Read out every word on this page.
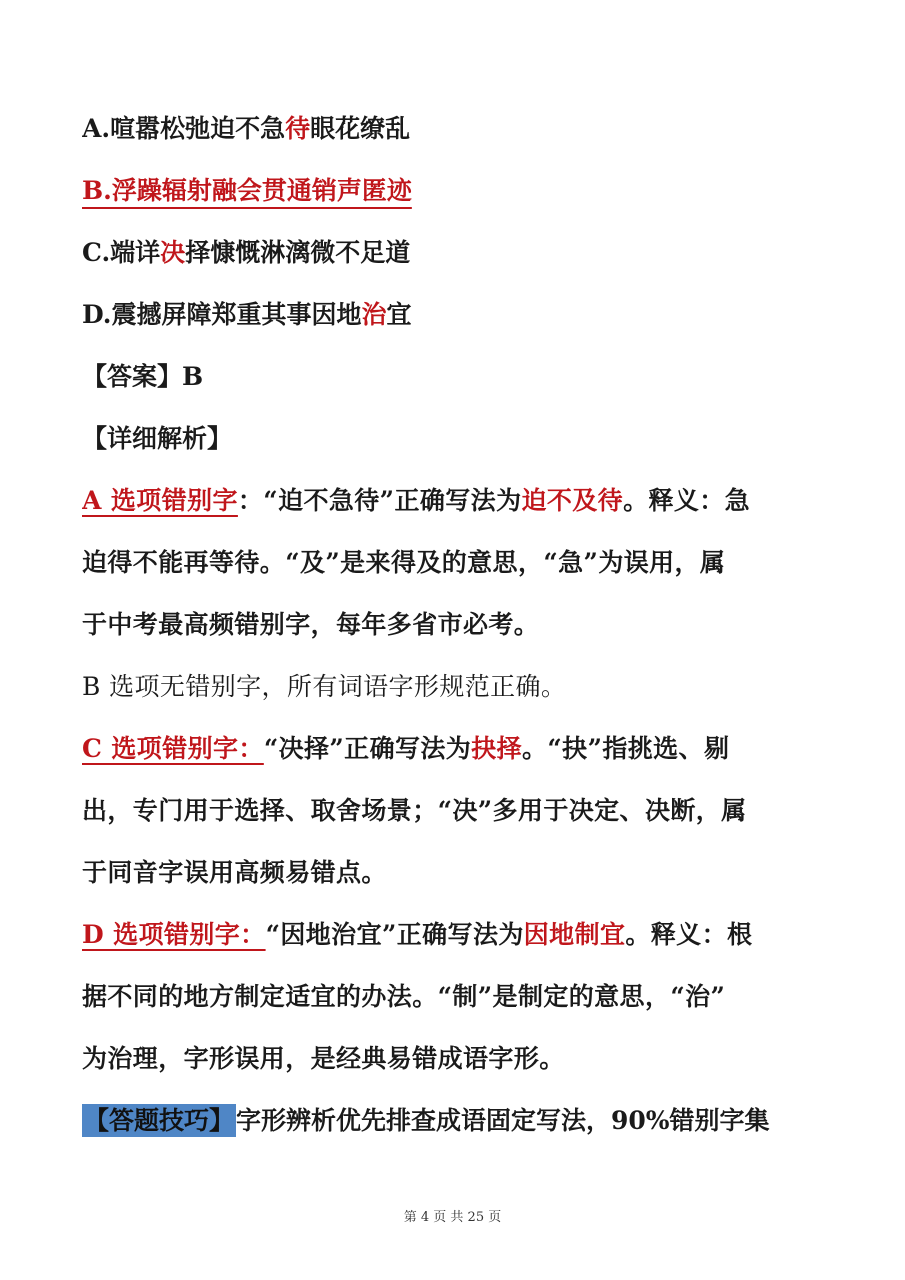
A.喧嚣松弛迫不急待眼花缭乱
B.浮躁辐射融会贯通销声匿迹
C.端详决择慷慨淋漓微不足道
D.震撼屏障郑重其事因地治宜
【答案】B
【详细解析】
A 选项错别字：“迫不急待”正确写法为迫不及待。释义：急
迫得不能再等待。“及”是来得及的意思，“急”为误用，属
于中考最高频错别字，每年多省市必考。
B 选项无错别字，所有词语字形规范正确。
C 选项错别字：“决择”正确写法为抉择。“抉”指挑选、剔
出，专门用于选择、取舍场景；“决”多用于决定、决断，属
于同音字误用高频易错点。
D 选项错别字：“因地治宜”正确写法为因地制宜。释义：根
据不同的地方制定适宜的办法。“制”是制定的意思，“治”
为治理，字形误用，是经典易错成语字形。
【答题技巧】字形辨析优先排查成语固定写法，90%错别字集
第 4 页 共 25 页
